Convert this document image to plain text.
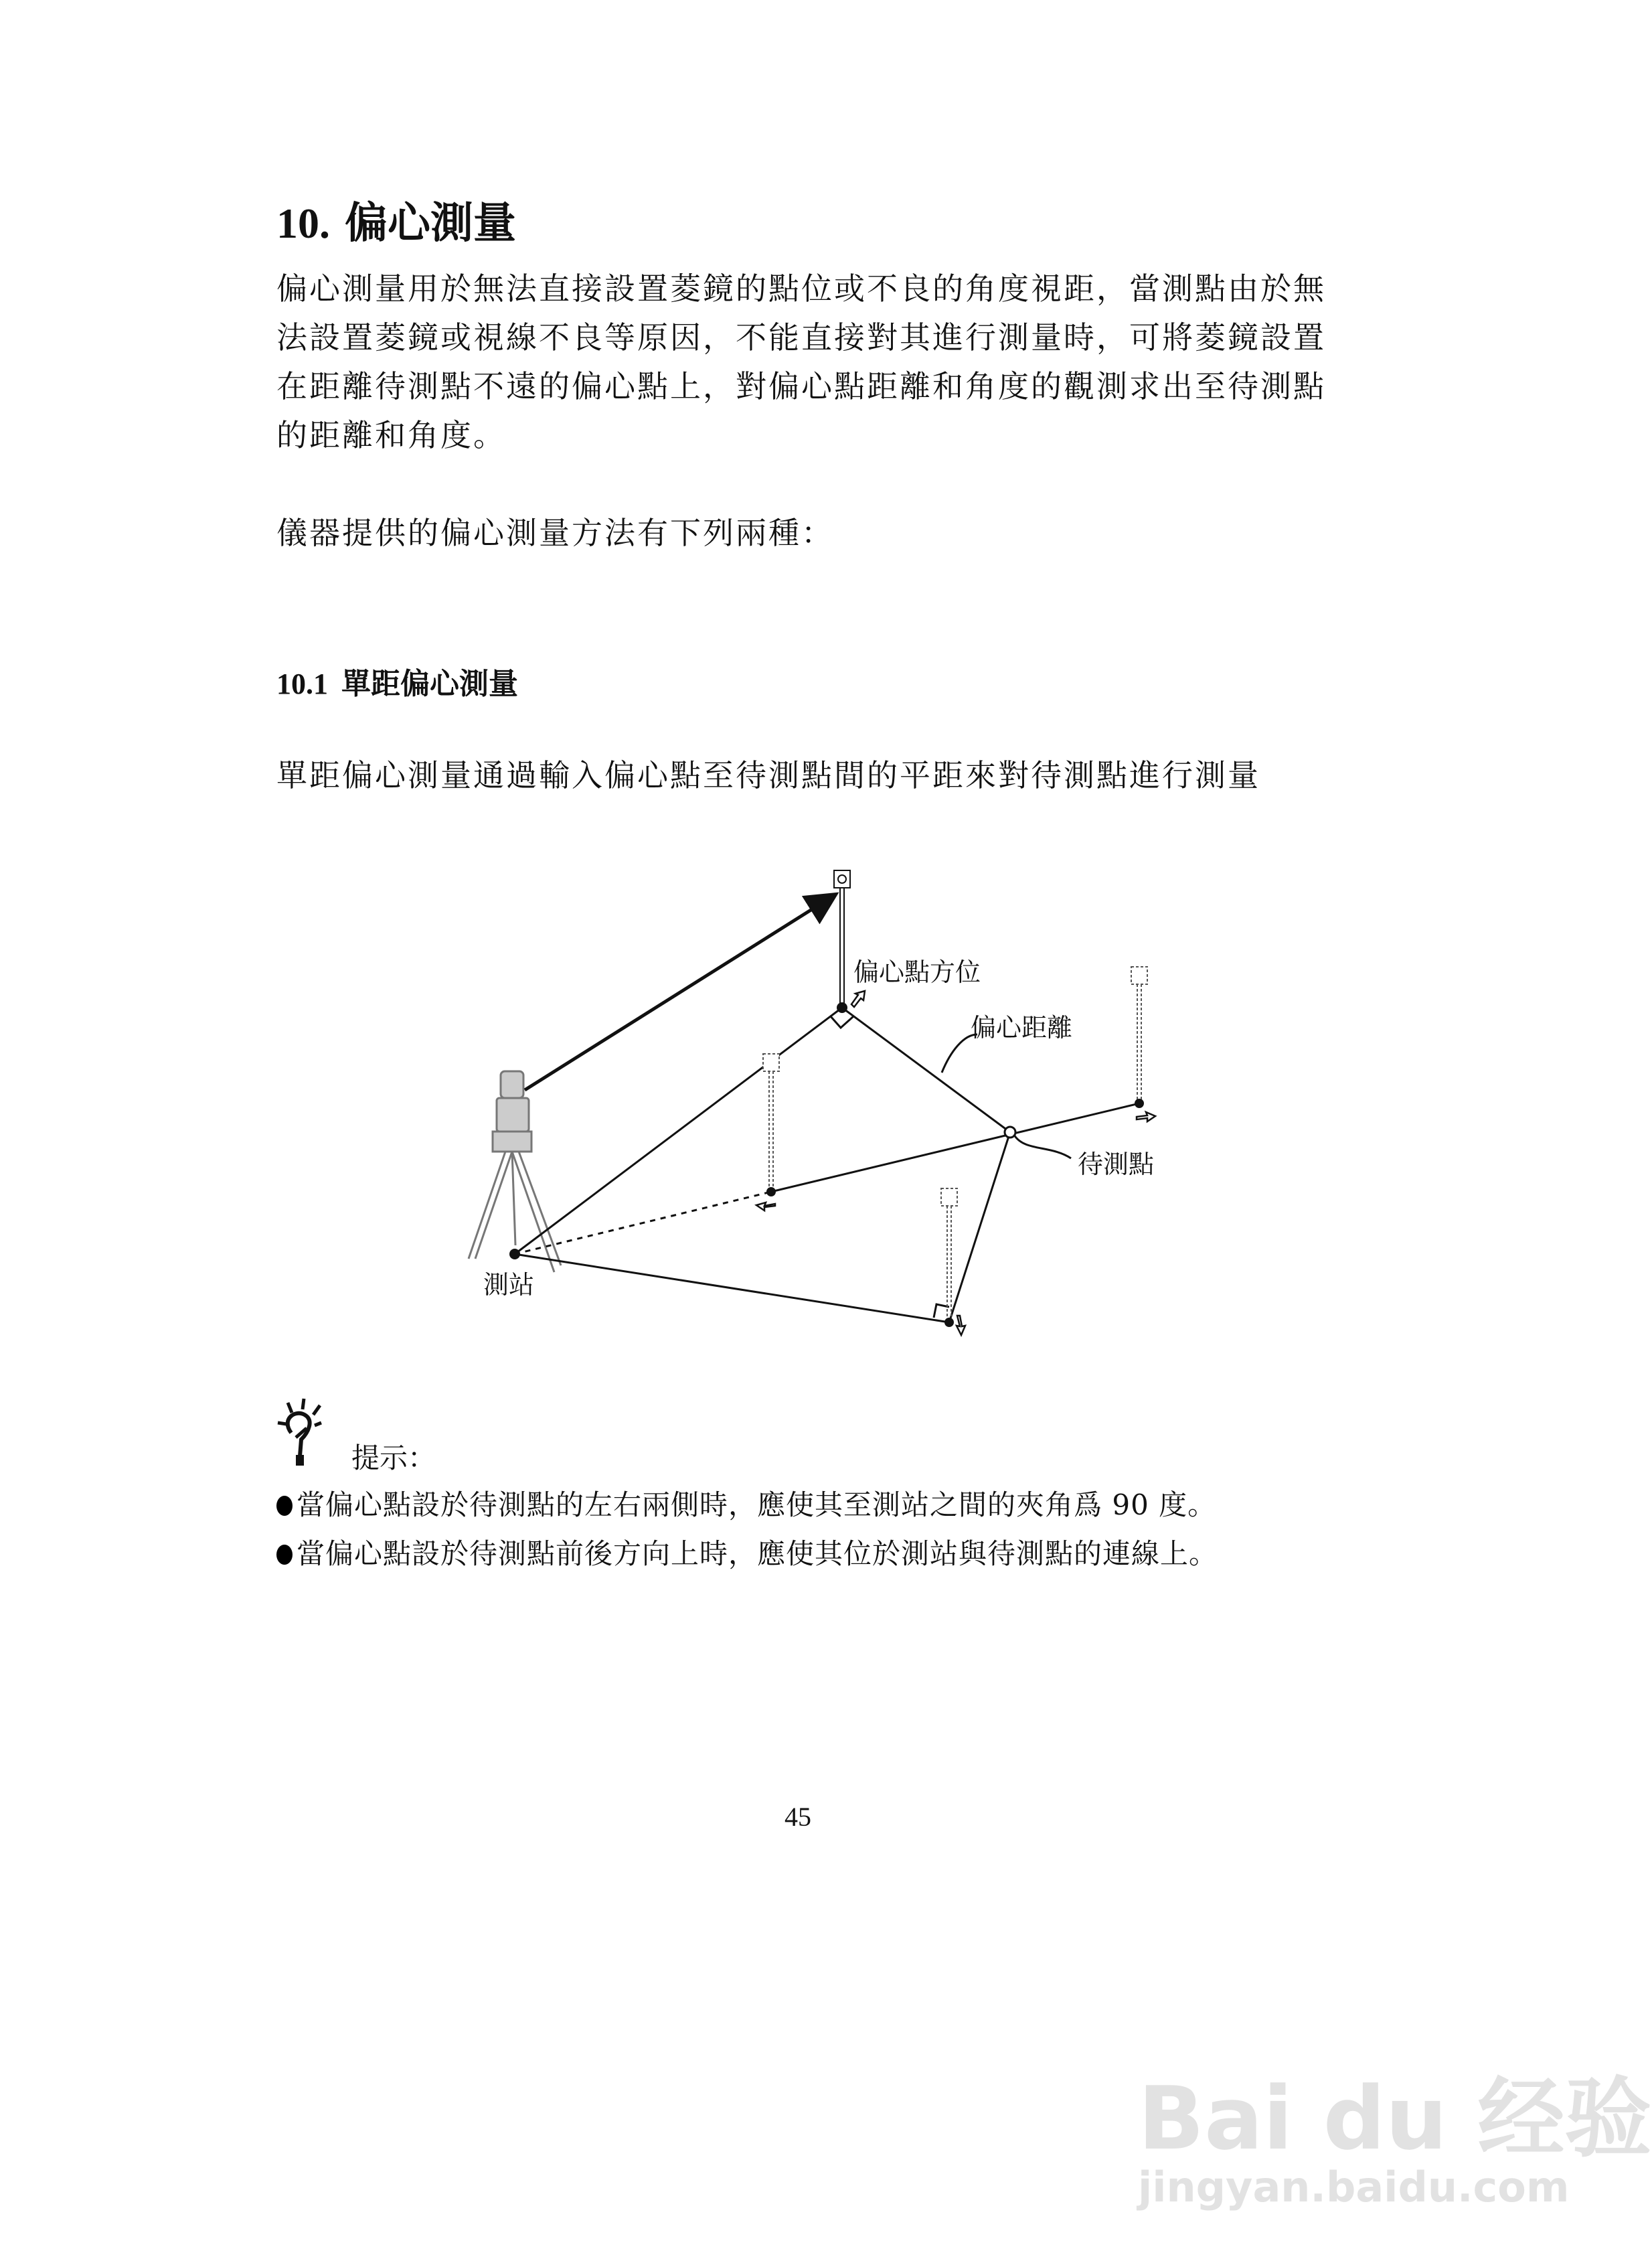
10. 偏心測量
偏心測量用於無法直接設置菱鏡的點位或不良的角度視距，當測點由於無
法設置菱鏡或視線不良等原因，不能直接對其進行測量時，可將菱鏡設置
在距離待測點不遠的偏心點上，對偏心點距離和角度的觀測求出至待測點
的距離和角度。
儀器提供的偏心測量方法有下列兩種：
10.1 單距偏心測量
單距偏心測量通過輸入偏心點至待測點間的平距來對待測點進行測量
偏心點方位
偏心距離
待測點
測站
提示：
當偏心點設於待測點的左右兩側時，應使其至測站之間的夾角爲 90 度。
當偏心點設於待測點前後方向上時，應使其位於測站與待測點的連線上。
45
Bai du 经验
jingyan.baidu.com
